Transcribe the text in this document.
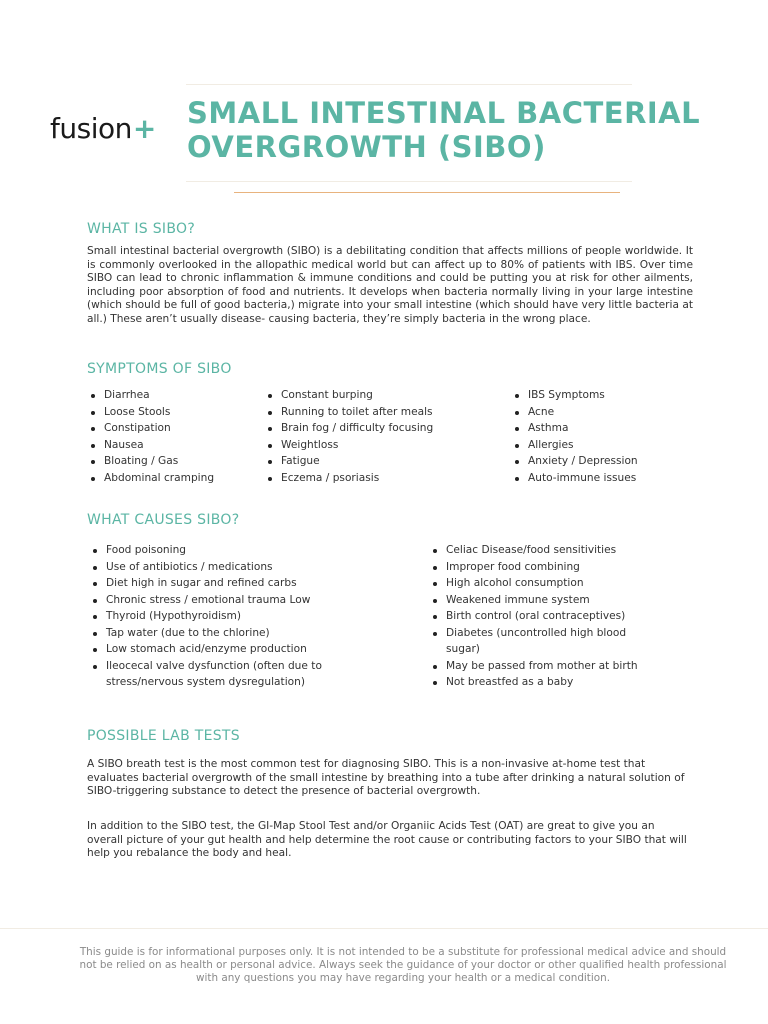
fusion+ SMALL INTESTINAL BACTERIAL
OVERGROWTH (SIBO)
WHAT IS SIBO?

Small intestinal bacterial overgrowth (SIBO) is a debilitating condition that affects millions of people worldwide. It is commonly overlooked in the allopathic medical world but can affect up to 80% of patients with IBS. Over time SIBO can lead to chronic inflammation & immune conditions and could be putting you at risk for other ailments, including poor absorption of food and nutrients. It develops when bacteria normally living in your large intestine (which should be full of good bacteria,) migrate into your small intestine (which should have very little bacteria at all.) These aren’t usually disease- causing bacteria, they’re simply bacteria in the wrong place.

SYMPTOMS OF SIBO
Diarrhea
Loose Stools
Constipation
Nausea
Bloating / Gas
Abdominal cramping
Constant burping
Running to toilet after meals
Brain fog / difficulty focusing
Weightloss
Fatigue
Eczema / psoriasis
IBS Symptoms
Acne
Asthma
Allergies
Anxiety / Depression
Auto-immune issues
WHAT CAUSES SIBO?
Food poisoning
Use of antibiotics / medications
Diet high in sugar and refined carbs
Chronic stress / emotional trauma Low
Thyroid (Hypothyroidism)
Tap water (due to the chlorine)
Low stomach acid/enzyme production
Ileocecal valve dysfunction (often due to stress/nervous system dysregulation)
Celiac Disease/food sensitivities
Improper food combining
High alcohol consumption
Weakened immune system
Birth control (oral contraceptives)
Diabetes (uncontrolled high blood sugar)
May be passed from mother at birth
Not breastfed as a baby
POSSIBLE LAB TESTS

A SIBO breath test is the most common test for diagnosing SIBO. This is a non-invasive at-home test that evaluates bacterial overgrowth of the small intestine by breathing into a tube after drinking a natural solution of SIBO-triggering substance to detect the presence of bacterial overgrowth.

In addition to the SIBO test, the GI-Map Stool Test and/or Organiic Acids Test (OAT) are great to give you an overall picture of your gut health and help determine the root cause or contributing factors to your SIBO that will help you rebalance the body and heal.

This guide is for informational purposes only. It is not intended to be a substitute for professional medical advice and should not be relied on as health or personal advice. Always seek the guidance of your doctor or other qualified health professional with any questions you may have regarding your health or a medical condition.
